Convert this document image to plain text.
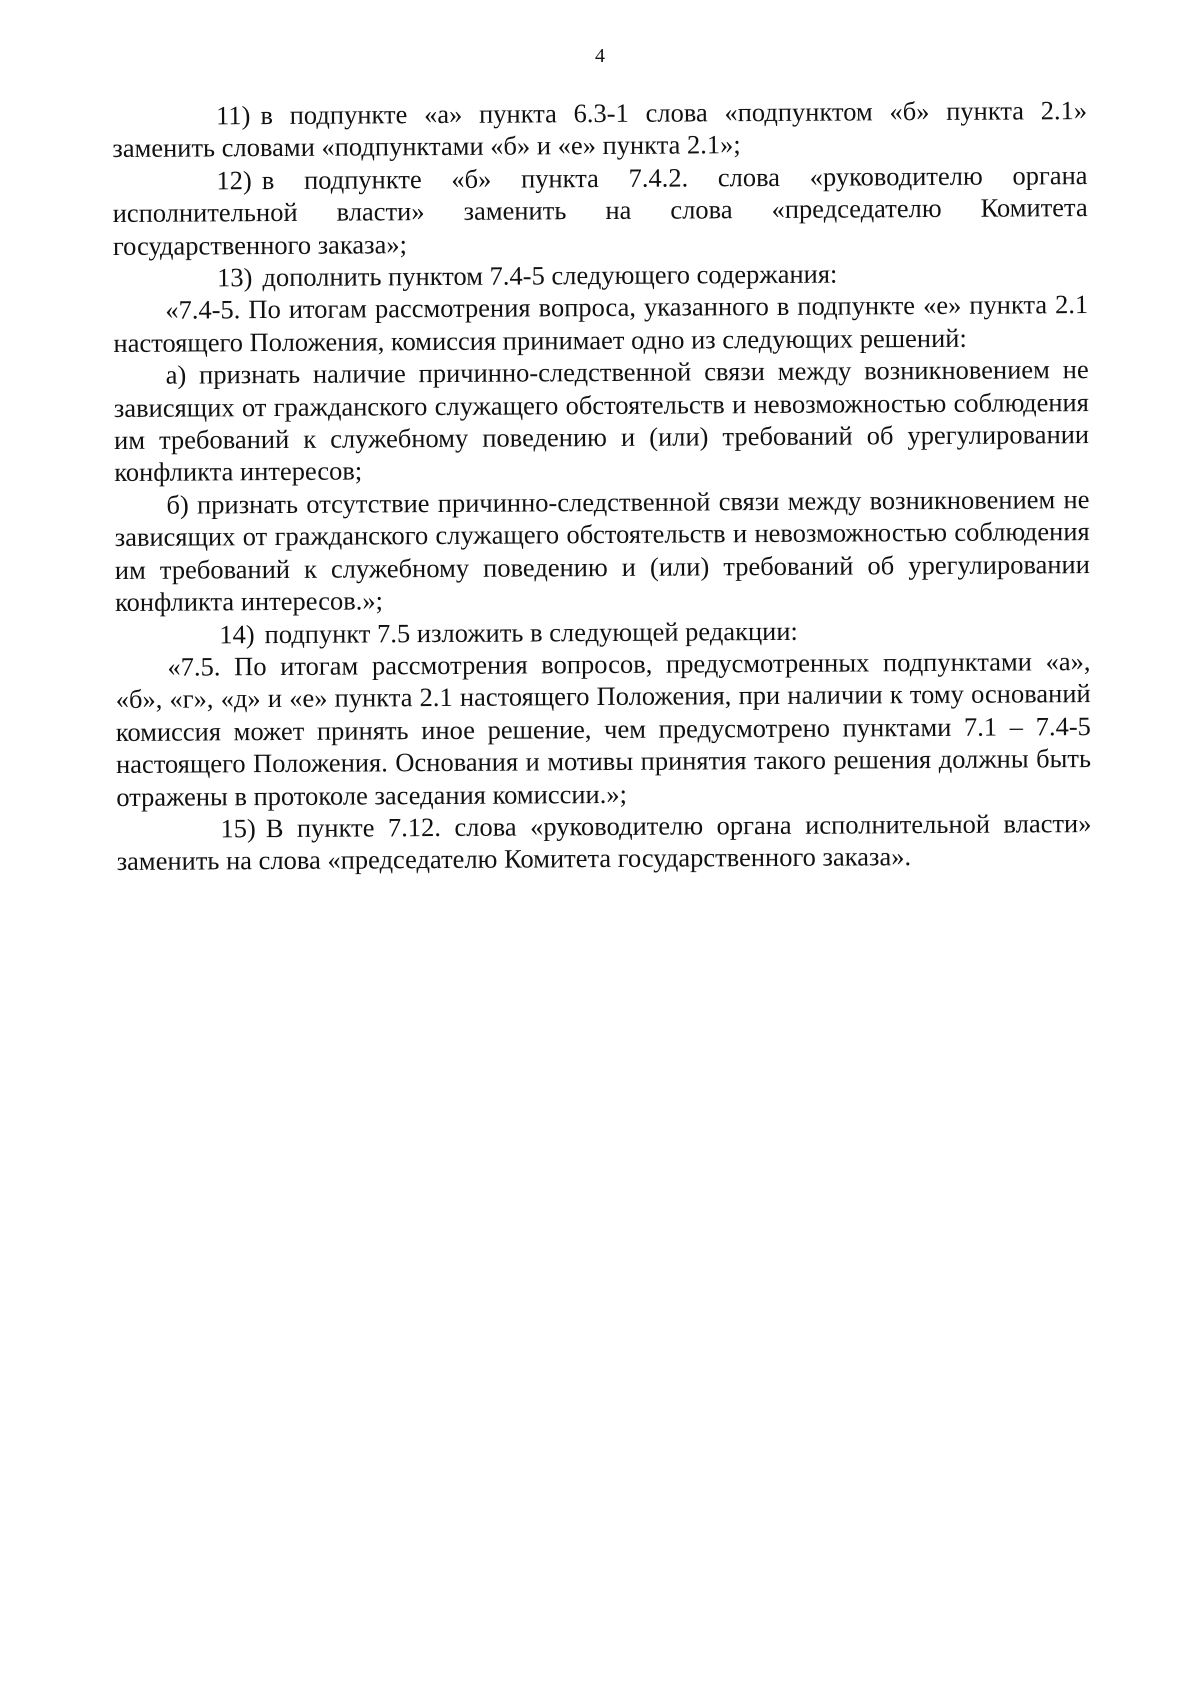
4

11) в подпункте «а» пункта 6.3-1 слова «подпунктом «б» пункта 2.1» заменить словами «подпунктами «б» и «е» пункта 2.1»;

12) в подпункте «б» пункта 7.4.2. слова «руководителю органа исполнительной власти» заменить на слова «председателю Комитета государственного заказа»;

13) дополнить пунктом 7.4-5 следующего содержания:

«7.4-5. По итогам рассмотрения вопроса, указанного в подпункте «е» пункта 2.1 настоящего Положения, комиссия принимает одно из следующих решений:

а) признать наличие причинно-следственной связи между возникновением не зависящих от гражданского служащего обстоятельств и невозможностью соблюдения им требований к служебному поведению и (или) требований об урегулировании конфликта интересов;

б) признать отсутствие причинно-следственной связи между возникновением не зависящих от гражданского служащего обстоятельств и невозможностью соблюдения им требований к служебному поведению и (или) требований об урегулировании конфликта интересов.»;

14) подпункт 7.5 изложить в следующей редакции:

«7.5. По итогам рассмотрения вопросов, предусмотренных подпунктами «а», «б», «г», «д» и «е» пункта 2.1 настоящего Положения, при наличии к тому оснований комиссия может принять иное решение, чем предусмотрено пунктами 7.1 – 7.4-5 настоящего Положения. Основания и мотивы принятия такого решения должны быть отражены в протоколе заседания комиссии.»;

15) В пункте 7.12. слова «руководителю органа исполнительной власти» заменить на слова «председателю Комитета государственного заказа».
